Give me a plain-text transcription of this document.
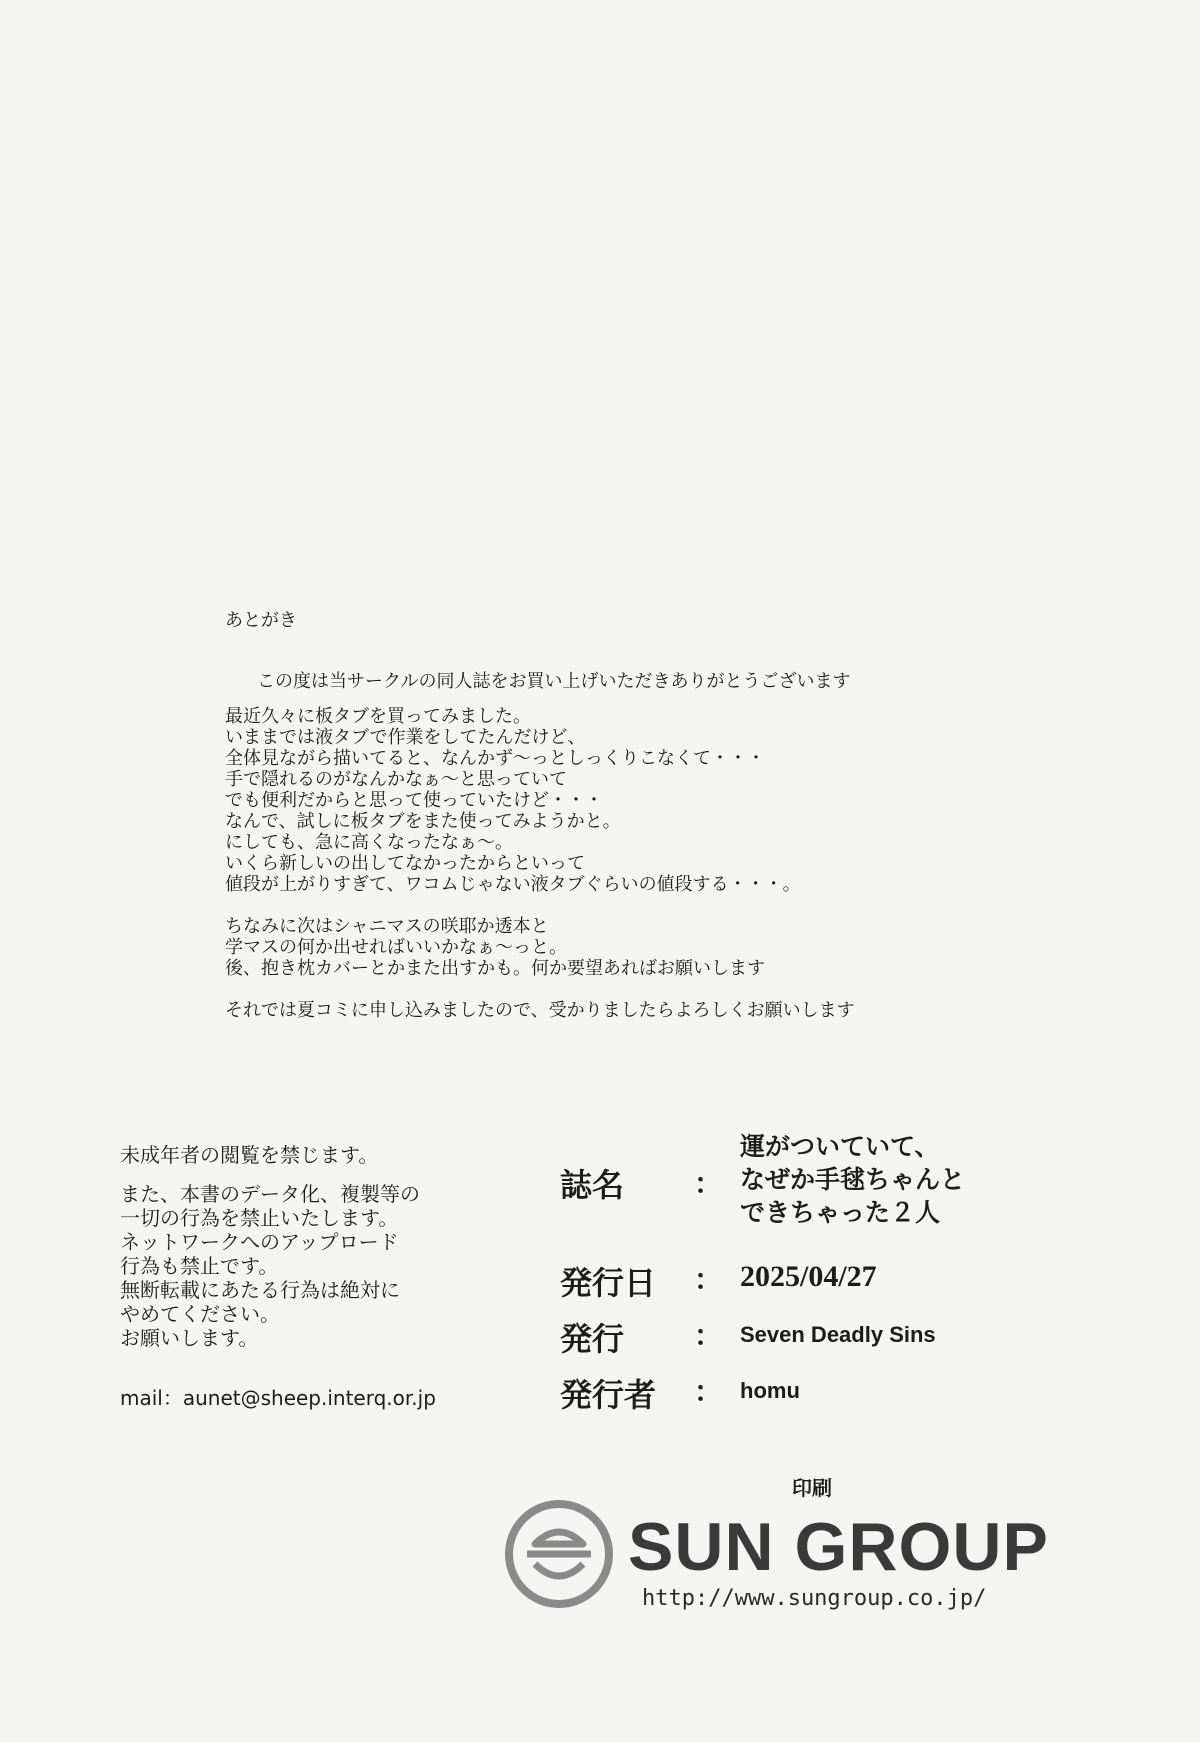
あとがき

この度は当サークルの同人誌をお買い上げいただきありがとうございます

最近久々に板タブを買ってみました。
いままでは液タブで作業をしてたんだけど、
全体見ながら描いてると、なんかず～っとしっくりこなくて・・・
手で隠れるのがなんかなぁ～と思っていて
でも便利だからと思って使っていたけど・・・
なんで、試しに板タブをまた使ってみようかと。
にしても、急に高くなったなぁ～。
いくら新しいの出してなかったからといって
値段が上がりすぎて、ワコムじゃない液タブぐらいの値段する・・・。

ちなみに次はシャニマスの咲耶か透本と
学マスの何か出せればいいかなぁ～っと。
後、抱き枕カバーとかまた出すかも。何か要望あればお願いします

それでは夏コミに申し込みましたので、受かりましたらよろしくお願いします

未成年者の閲覧を禁じます。
また、本書のデータ化、複製等の
一切の行為を禁止いたします。
ネットワークへのアップロード
行為も禁止です。
無断転載にあたる行為は絶対に
やめてください。
お願いします。
mail：aunet@sheep.interq.or.jp
誌名 ：
運がついていて、
なぜか手毬ちゃんと
できちゃった２人
発行日 ： 2025/04/27
発行 ： Seven Deadly Sins
発行者 ： homu
印刷
SUN GROUP
http://www.sungroup.co.jp/
